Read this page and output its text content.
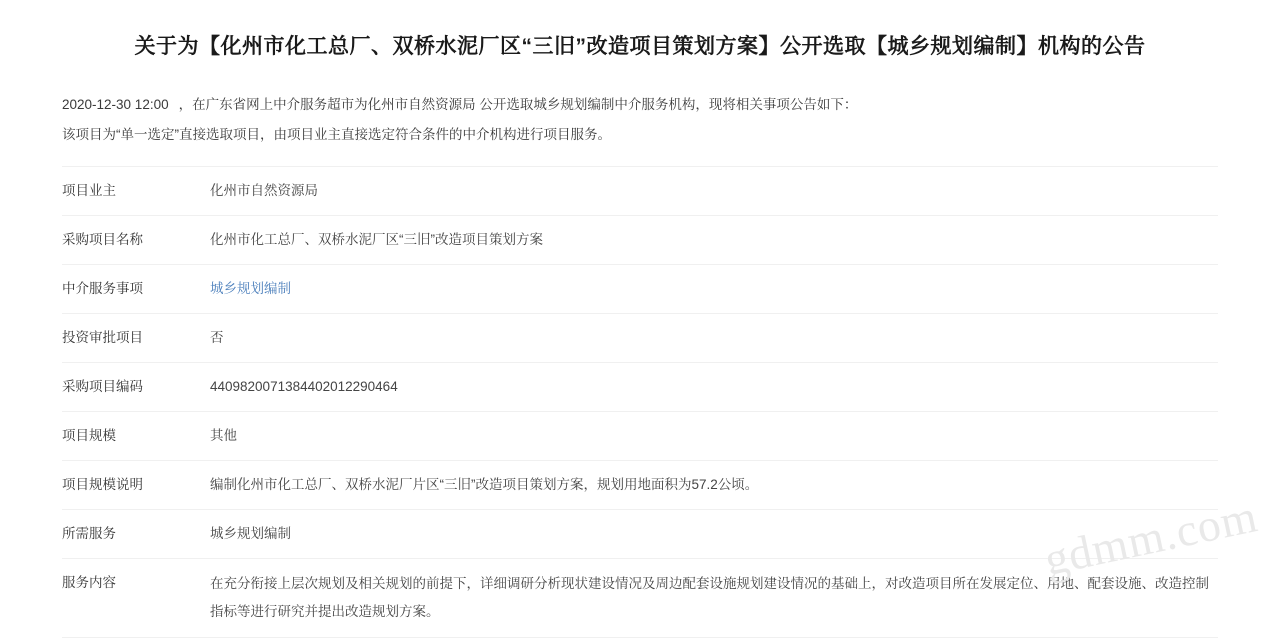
gdmm.com
关于为【化州市化工总厂、双桥水泥厂区“三旧”改造项目策划方案】公开选取【城乡规划编制】机构的公告
2020-12-30 12:00 ，在广东省网上中介服务超市为化州市自然资源局 公开选取城乡规划编制中介服务机构，现将相关事项公告如下：
该项目为“单一选定”直接选取项目，由项目业主直接选定符合条件的中介机构进行项目服务。
项目业主	化州市自然资源局
采购项目名称	化州市化工总厂、双桥水泥厂区“三旧”改造项目策划方案
中介服务事项	城乡规划编制
投资审批项目	否
采购项目编码	4409820071384402012290464
项目规模	其他
项目规模说明	编制化州市化工总厂、双桥水泥厂片区“三旧”改造项目策划方案，规划用地面积为57.2公顷。
所需服务	城乡规划编制
服务内容	在充分衔接上层次规划及相关规划的前提下，详细调研分析现状建设情况及周边配套设施规划建设情况的基础上，对改造项目所在发展定位、用地、配套设施、改造控制指标等进行研究并提出改造规划方案。
